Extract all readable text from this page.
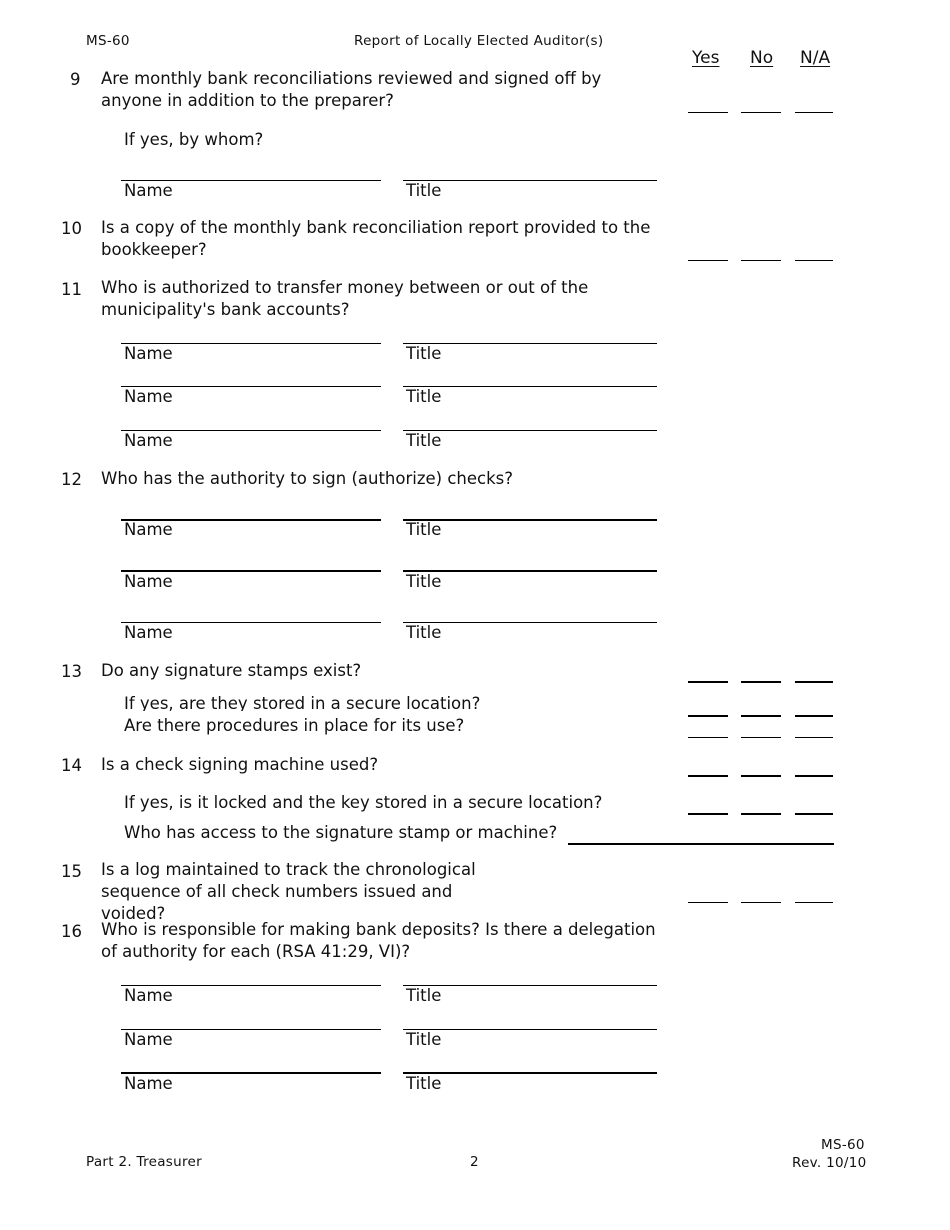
MS-60	Report of Locally Elected Auditor(s)
Yes No N/A
9 Are monthly bank reconciliations reviewed and signed off by anyone in addition to the preparer?
If yes, by whom?
Name	Title
10 Is a copy of the monthly bank reconciliation report provided to the bookkeeper?
11 Who is authorized to transfer money between or out of the municipality's bank accounts?
Name	Title
Name	Title
Name	Title
12 Who has the authority to sign (authorize) checks?
Name	Title
Name	Title
Name	Title
13 Do any signature stamps exist?
If yes, are they stored in a secure location?
Are there procedures in place for its use?
14 Is a check signing machine used?
If yes, is it locked and the key stored in a secure location?
Who has access to the signature stamp or machine?
15 Is a log maintained to track the chronological sequence of all check numbers issued and voided?
16 Who is responsible for making bank deposits? Is there a delegation of authority for each (RSA 41:29, VI)?
Name	Title
Name	Title
Name	Title
Part 2. Treasurer	2
MS-60
Rev. 10/10
